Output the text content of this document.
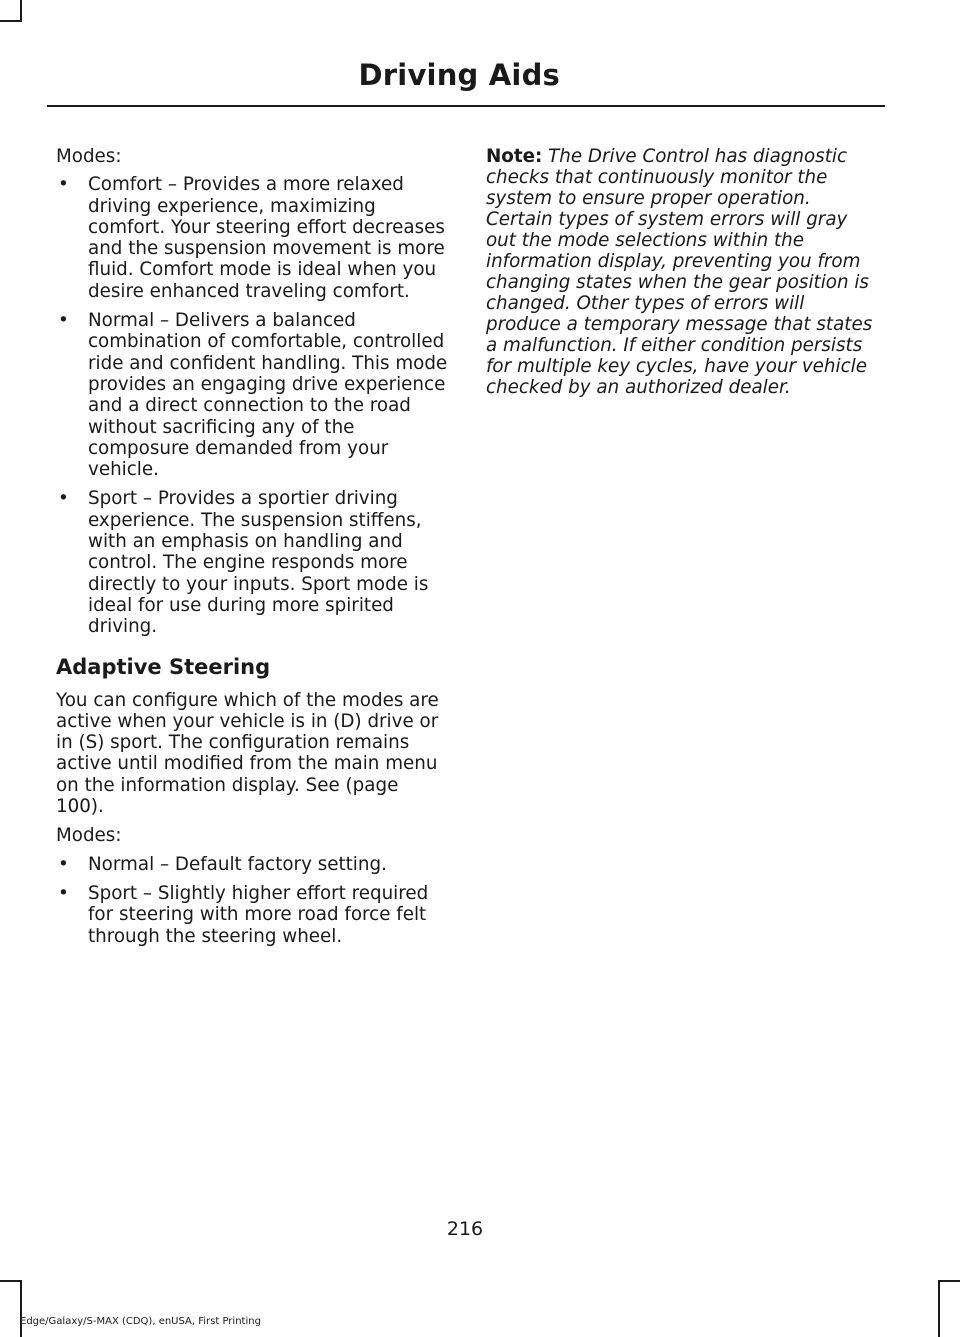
Driving Aids

Modes:

• Comfort – Provides a more relaxed driving experience, maximizing comfort. Your steering effort decreases and the suspension movement is more fluid. Comfort mode is ideal when you desire enhanced traveling comfort.
• Normal – Delivers a balanced combination of comfortable, controlled ride and confident handling. This mode provides an engaging drive experience and a direct connection to the road without sacrificing any of the composure demanded from your vehicle.
• Sport – Provides a sportier driving experience. The suspension stiffens, with an emphasis on handling and control. The engine responds more directly to your inputs. Sport mode is ideal for use during more spirited driving.
Adaptive Steering

You can configure which of the modes are active when your vehicle is in (D) drive or in (S) sport. The configuration remains active until modified from the main menu on the information display. See (page 100).

Modes:

• Normal – Default factory setting.
• Sport – Slightly higher effort required for steering with more road force felt through the steering wheel.

Note: The Drive Control has diagnostic checks that continuously monitor the system to ensure proper operation. Certain types of system errors will gray out the mode selections within the information display, preventing you from changing states when the gear position is changed. Other types of errors will produce a temporary message that states a malfunction. If either condition persists for multiple key cycles, have your vehicle checked by an authorized dealer.

216
Edge/Galaxy/S-MAX (CDQ), enUSA, First Printing
